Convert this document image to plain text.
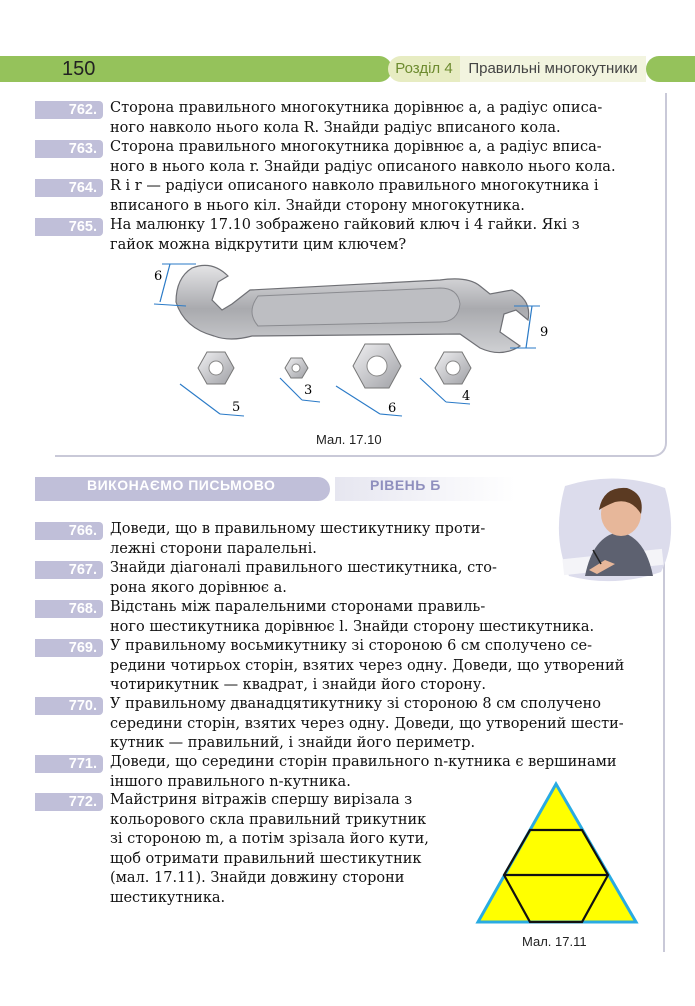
150	Розділ 4	Правильні многокутники
762. Сторона правильного многокутника дорівнює a, а радіус описа-
ного навколо нього кола R. Знайди радіус вписаного кола.
763. Сторона правильного многокутника дорівнює a, а радіус вписа-
ного в нього кола r. Знайди радіус описаного навколо нього кола.
764. R і r — радіуси описаного навколо правильного многокутника і
вписаного в нього кіл. Знайди сторону многокутника.
765. На малюнку 17.10 зображено гайковий ключ і 4 гайки. Які з
гайок можна відкрутити цим ключем?
6
9
5
3
6
4
Мал. 17.10
РІВЕНЬ Б
ВИКОНАЄМО ПИСЬМОВО
766. Доведи, що в правильному шестикутнику проти-
лежні сторони паралельні.
767. Знайди діагоналі правильного шестикутника, сто-
рона якого дорівнює a.
768. Відстань між паралельними сторонами правиль-
ного шестикутника дорівнює l. Знайди сторону шестикутника.
769. У правильному восьмикутнику зі стороною 6 см сполучено се-
редини чотирьох сторін, взятих через одну. Доведи, що утворений
чотирикутник — квадрат, і знайди його сторону.
770. У правильному дванадцятикутнику зі стороною 8 см сполучено
середини сторін, взятих через одну. Доведи, що утворений шести-
кутник — правильний, і знайди його периметр.
771. Доведи, що середини сторін правильного n-кутника є вершинами
іншого правильного n-кутника.
772. Майстриня вітражів спершу вирізала з
кольорового скла правильний трикутник
зі стороною m, а потім зрізала його кути,
щоб отримати правильний шестикутник
(мал. 17.11). Знайди довжину сторони
шестикутника.
Мал. 17.11
